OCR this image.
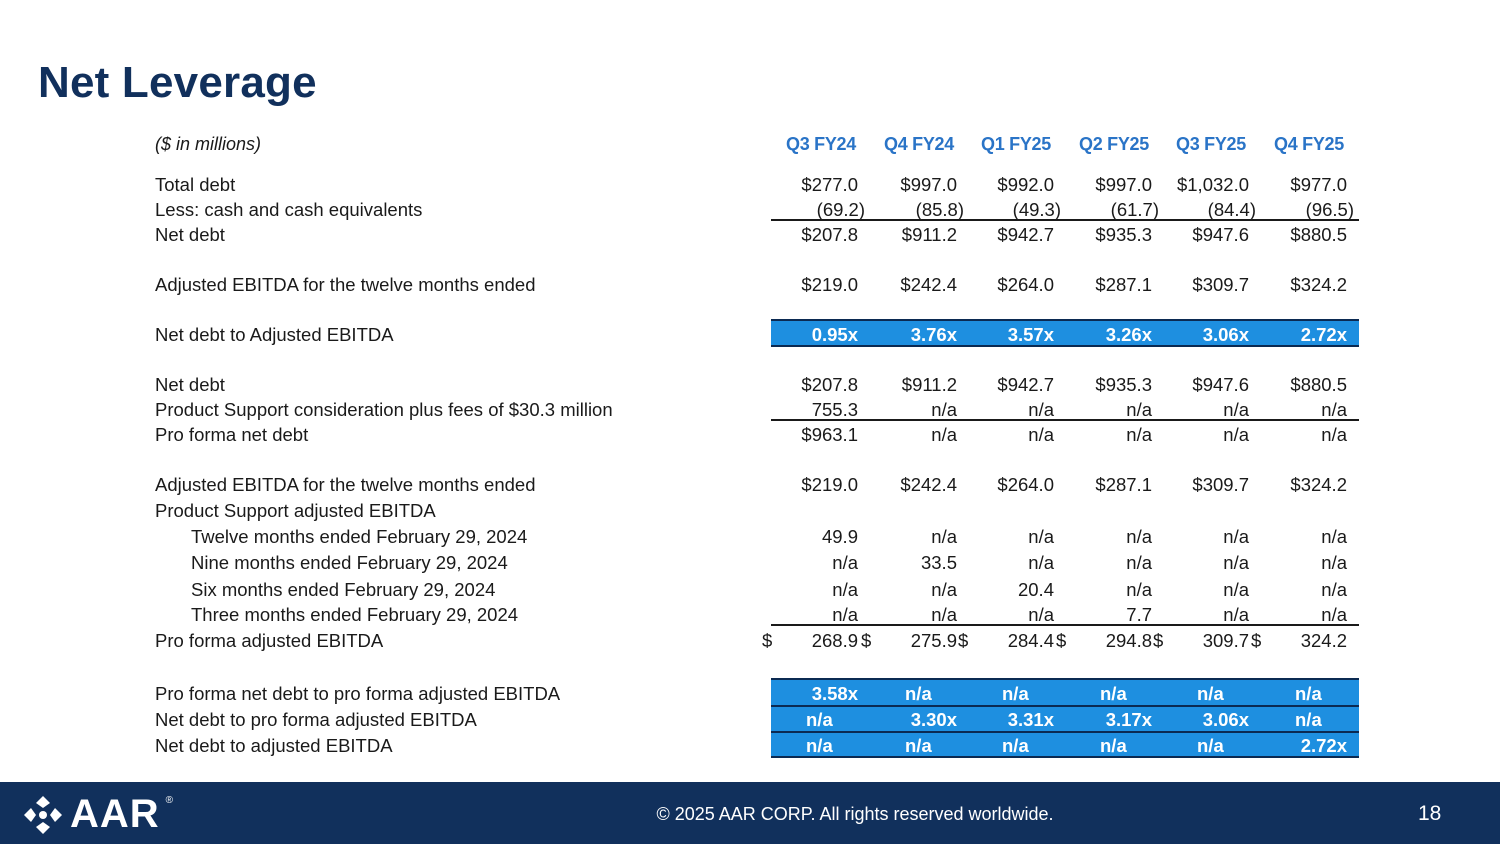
Net Leverage
($ in millions)	Q3 FY24	Q4 FY24	Q1 FY25	Q2 FY25	Q3 FY25	Q4 FY25
Total debt	$277.0	$997.0	$992.0	$997.0	$1,032.0	$977.0
Less: cash and cash equivalents	(69.2)	(85.8)	(49.3)	(61.7)	(84.4)	(96.5)
Net debt	$207.8	$911.2	$942.7	$935.3	$947.6	$880.5
Adjusted EBITDA for the twelve months ended	$219.0	$242.4	$264.0	$287.1	$309.7	$324.2
Net debt to Adjusted EBITDA	0.95x	3.76x	3.57x	3.26x	3.06x	2.72x
Net debt	$207.8	$911.2	$942.7	$935.3	$947.6	$880.5
Product Support consideration plus fees of $30.3 million	755.3	n/a	n/a	n/a	n/a	n/a
Pro forma net debt	$963.1	n/a	n/a	n/a	n/a	n/a
Adjusted EBITDA for the twelve months ended	$219.0	$242.4	$264.0	$287.1	$309.7	$324.2
Product Support adjusted EBITDA
Twelve months ended February 29, 2024	49.9	n/a	n/a	n/a	n/a	n/a
Nine months ended February 29, 2024	n/a	33.5	n/a	n/a	n/a	n/a
Six months ended February 29, 2024	n/a	n/a	20.4	n/a	n/a	n/a
Three months ended February 29, 2024	n/a	n/a	n/a	7.7	n/a	n/a
Pro forma adjusted EBITDA	$ 268.9 $ 275.9 $ 284.4 $ 294.8 $ 309.7 $ 324.2
Pro forma net debt to pro forma adjusted EBITDA	3.58x	n/a	n/a	n/a	n/a	n/a
Net debt to pro forma adjusted EBITDA	n/a	3.30x	3.31x	3.17x	3.06x n/a
Net debt to adjusted EBITDA	n/a	n/a	n/a	n/a	n/a	2.72x
AAR ®
© 2025 AAR CORP. All rights reserved worldwide.	18
